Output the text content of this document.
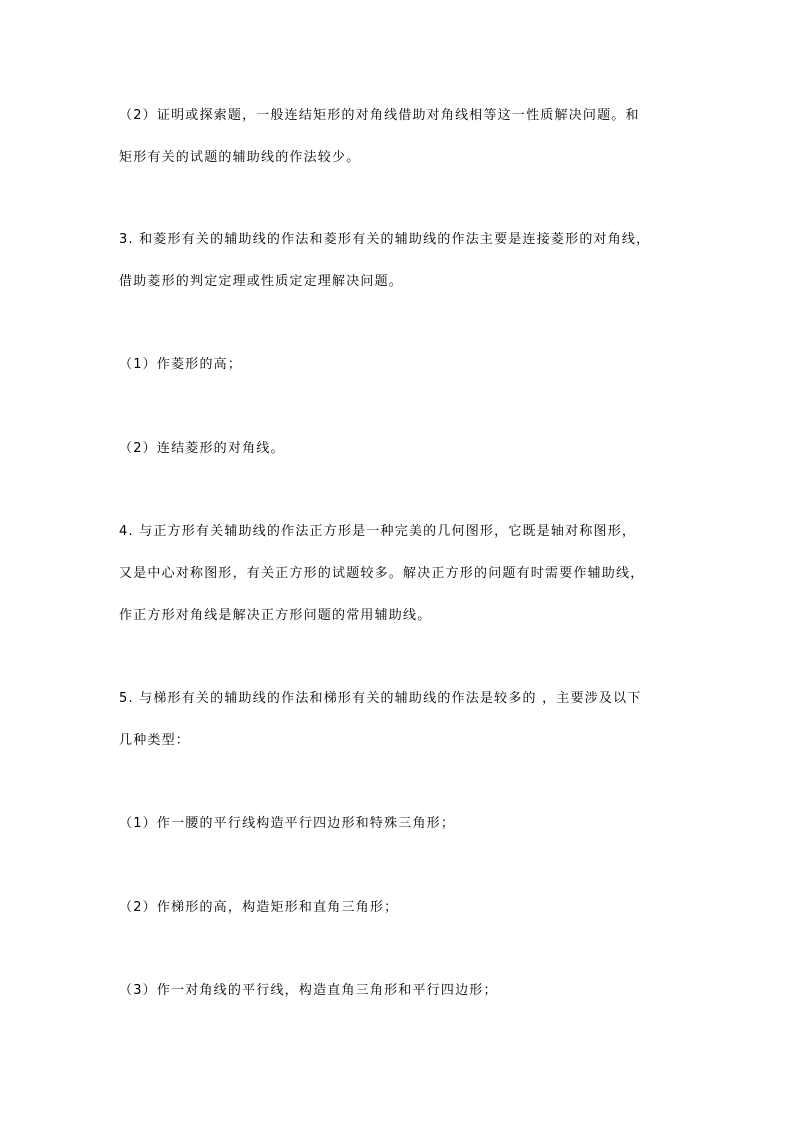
（2）证明或探索题，一般连结矩形的对角线借助对角线相等这一性质解决问题。和
矩形有关的试题的辅助线的作法较少。
3. 和菱形有关的辅助线的作法和菱形有关的辅助线的作法主要是连接菱形的对角线，
借助菱形的判定定理或性质定定理解决问题。
（1）作菱形的高；
（2）连结菱形的对角线。
4. 与正方形有关辅助线的作法正方形是一种完美的几何图形，它既是轴对称图形，
又是中心对称图形，有关正方形的试题较多。解决正方形的问题有时需要作辅助线，
作正方形对角线是解决正方形问题的常用辅助线。
5. 与梯形有关的辅助线的作法和梯形有关的辅助线的作法是较多的 ，主要涉及以下
几种类型：
（1）作一腰的平行线构造平行四边形和特殊三角形；
（2）作梯形的高，构造矩形和直角三角形；
（3）作一对角线的平行线，构造直角三角形和平行四边形；
